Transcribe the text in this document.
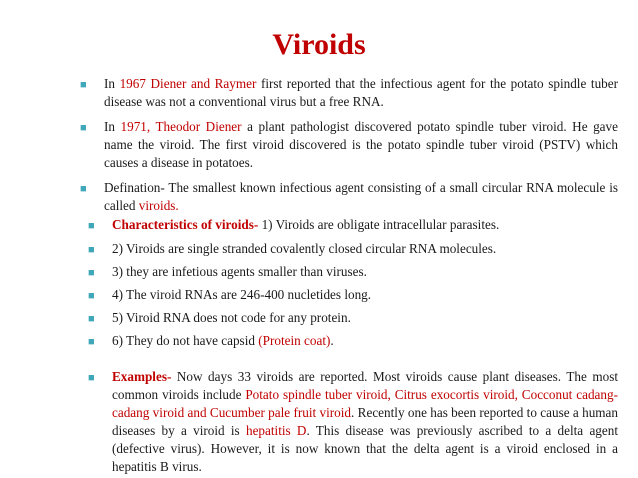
Viroids
■ In 1967 Diener and Raymer first reported that the infectious agent for the potato spindle tuber disease was not a conventional virus but a free RNA.
■ In 1971, Theodor Diener a plant pathologist discovered potato spindle tuber viroid. He gave name the viroid. The first viroid discovered is the potato spindle tuber viroid (PSTV) which causes a disease in potatoes.
■ Defination- The smallest known infectious agent consisting of a small circular RNA molecule is called viroids.
■ Characteristics of viroids- 1) Viroids are obligate intracellular parasites.
■ 2) Viroids are single stranded covalently closed circular RNA molecules.
■ 3) they are infetious agents smaller than viruses.
■ 4) The viroid RNAs are 246-400 nucletides long.
■ 5) Viroid RNA does not code for any protein.
■ 6) They do not have capsid (Protein coat).
■ Examples- Now days 33 viroids are reported. Most viroids cause plant diseases. The most common viroids include Potato spindle tuber viroid, Citrus exocortis viroid, Cocconut cadang-cadang viroid and Cucumber pale fruit viroid. Recently one has been reported to cause a human diseases by a viroid is hepatitis D. This disease was previously ascribed to a delta agent (defective virus). However, it is now known that the delta agent is a viroid enclosed in a hepatitis B virus.
